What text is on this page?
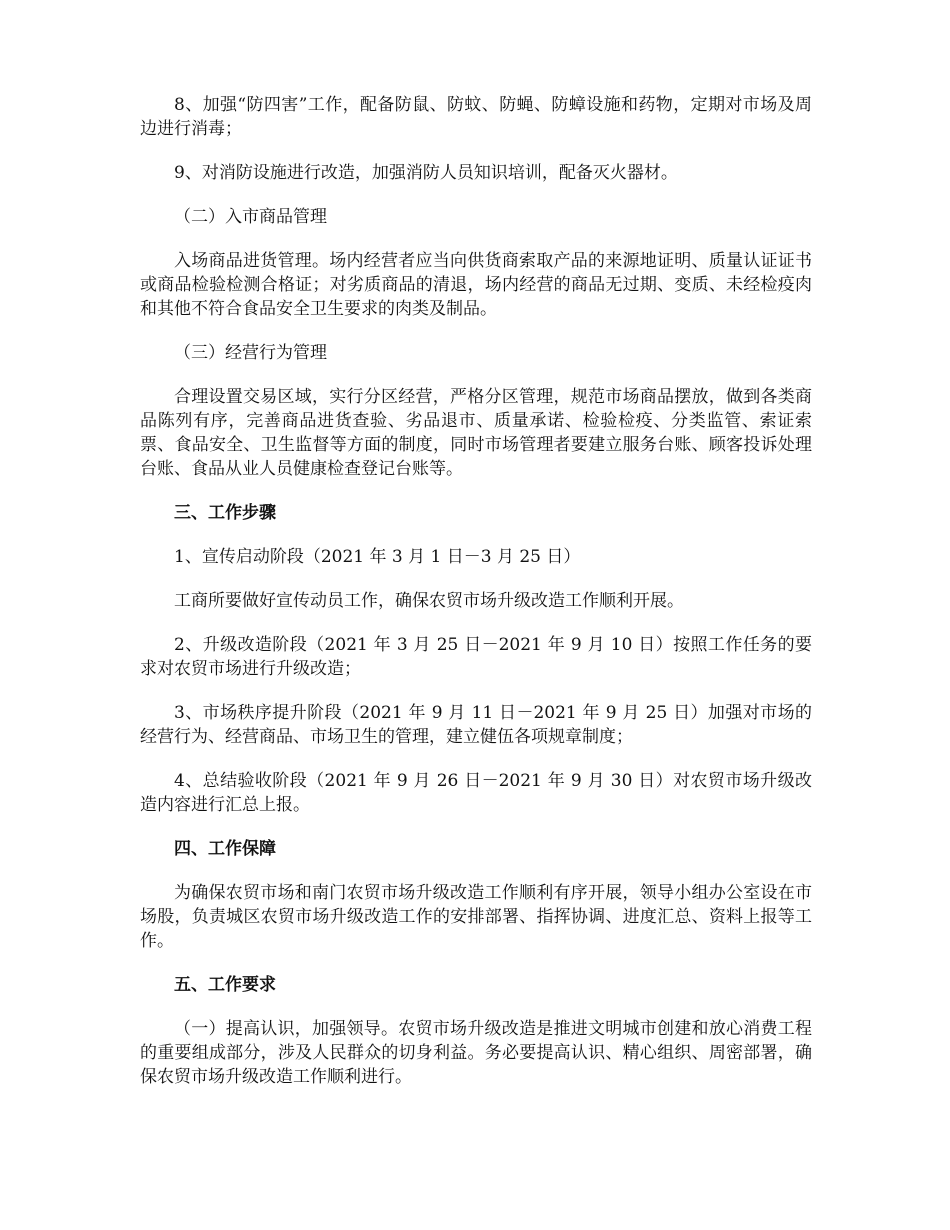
8、加强“防四害”工作，配备防鼠、防蚊、防蝇、防蟑设施和药物，定期对市场及周边进行消毒；

9、对消防设施进行改造，加强消防人员知识培训，配备灭火器材。

（二）入市商品管理

入场商品进货管理。场内经营者应当向供货商索取产品的来源地证明、质量认证证书或商品检验检测合格证；对劣质商品的清退，场内经营的商品无过期、变质、未经检疫肉和其他不符合食品安全卫生要求的肉类及制品。

（三）经营行为管理

合理设置交易区域，实行分区经营，严格分区管理，规范市场商品摆放，做到各类商品陈列有序，完善商品进货查验、劣品退市、质量承诺、检验检疫、分类监管、索证索票、食品安全、卫生监督等方面的制度，同时市场管理者要建立服务台账、顾客投诉处理台账、食品从业人员健康检查登记台账等。

三、工作步骤

1、宣传启动阶段（2021 年 3 月 1 日－3 月 25 日）

工商所要做好宣传动员工作，确保农贸市场升级改造工作顺利开展。

2、升级改造阶段（2021 年 3 月 25 日－2021 年 9 月 10 日）按照工作任务的要求对农贸市场进行升级改造；

3、市场秩序提升阶段（2021 年 9 月 11 日－2021 年 9 月 25 日）加强对市场的经营行为、经营商品、市场卫生的管理，建立健伍各项规章制度；

4、总结验收阶段（2021 年 9 月 26 日－2021 年 9 月 30 日）对农贸市场升级改造内容进行汇总上报。

四、工作保障

为确保农贸市场和南门农贸市场升级改造工作顺利有序开展，领导小组办公室设在市场股，负责城区农贸市场升级改造工作的安排部署、指挥协调、进度汇总、资料上报等工作。

五、工作要求

（一）提高认识，加强领导。农贸市场升级改造是推进文明城市创建和放心消费工程的重要组成部分，涉及人民群众的切身利益。务必要提高认识、精心组织、周密部署，确保农贸市场升级改造工作顺利进行。
